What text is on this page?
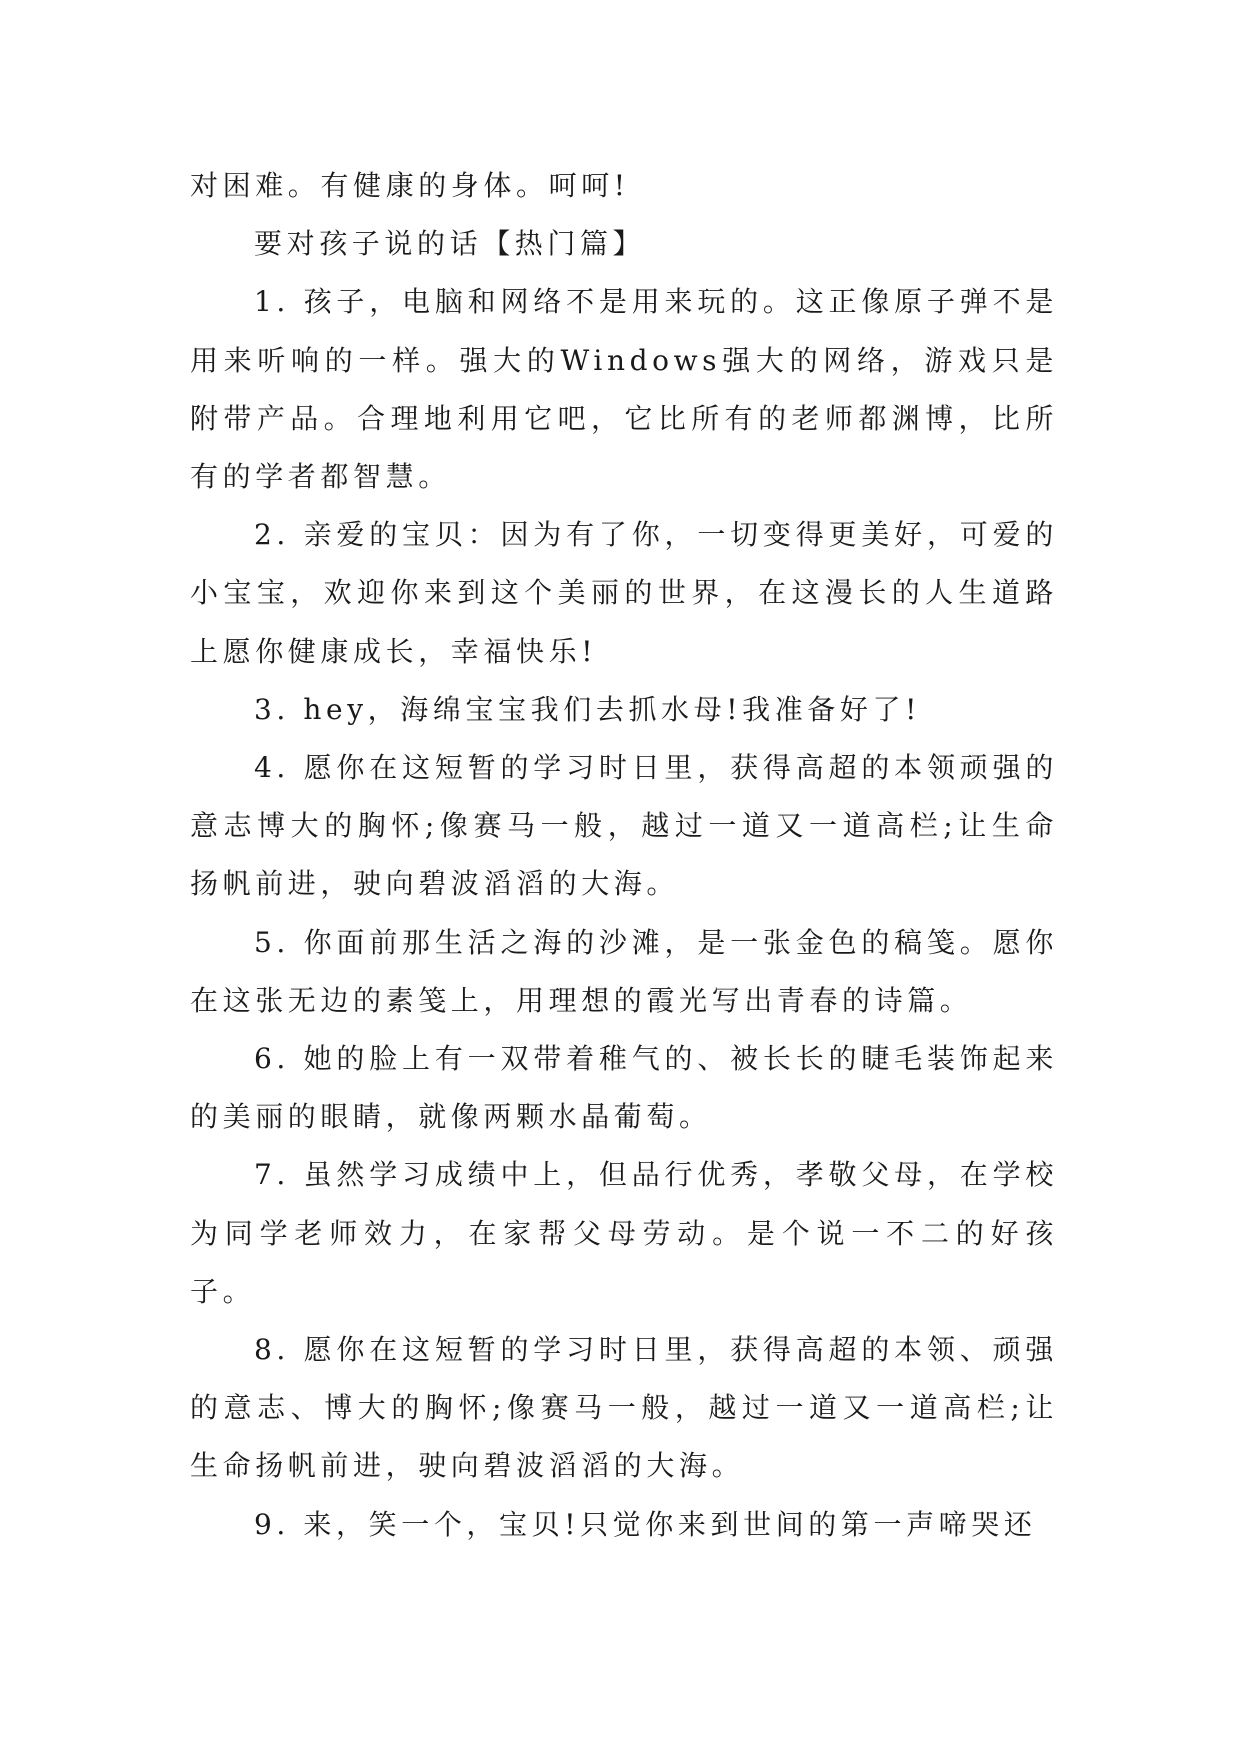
对困难。有健康的身体。呵呵!

要对孩子说的话【热门篇】

1. 孩子，电脑和网络不是用来玩的。这正像原子弹不是用来听响的一样。强大的Windows强大的网络，游戏只是附带产品。合理地利用它吧，它比所有的老师都渊博，比所有的学者都智慧。

2. 亲爱的宝贝：因为有了你，一切变得更美好，可爱的小宝宝，欢迎你来到这个美丽的世界，在这漫长的人生道路上愿你健康成长，幸福快乐!

3. hey，海绵宝宝我们去抓水母!我准备好了!

4. 愿你在这短暂的学习时日里，获得高超的本领顽强的意志博大的胸怀;像赛马一般，越过一道又一道高栏;让生命扬帆前进，驶向碧波滔滔的大海。

5. 你面前那生活之海的沙滩，是一张金色的稿笺。愿你在这张无边的素笺上，用理想的霞光写出青春的诗篇。

6. 她的脸上有一双带着稚气的、被长长的睫毛装饰起来的美丽的眼睛，就像两颗水晶葡萄。

7. 虽然学习成绩中上，但品行优秀，孝敬父母，在学校为同学老师效力，在家帮父母劳动。是个说一不二的好孩子。

8. 愿你在这短暂的学习时日里，获得高超的本领、顽强的意志、博大的胸怀;像赛马一般，越过一道又一道高栏;让生命扬帆前进，驶向碧波滔滔的大海。

9. 来，笑一个，宝贝!只觉你来到世间的第一声啼哭还
